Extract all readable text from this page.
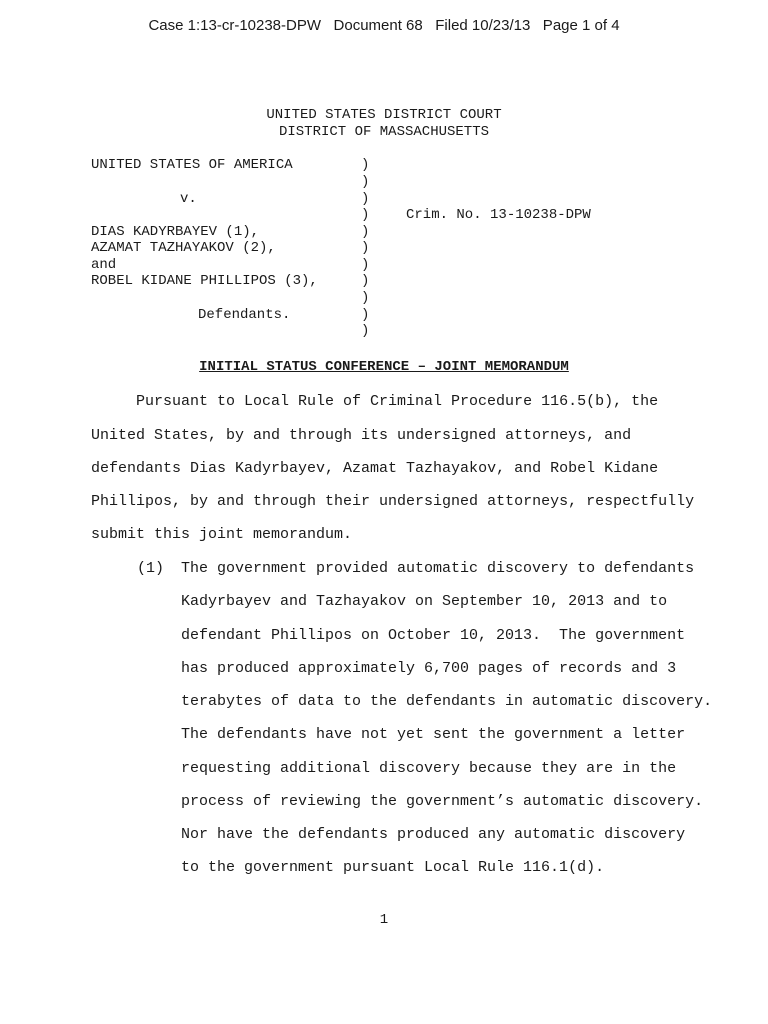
Case 1:13-cr-10238-DPW   Document 68   Filed 10/23/13   Page 1 of 4
UNITED STATES DISTRICT COURT
DISTRICT OF MASSACHUSETTS
UNITED STATES OF AMERICA
v.
DIAS KADYRBAYEV (1),
AZAMAT TAZHAYAKOV (2),
and
ROBEL KIDANE PHILLIPOS (3),
Defendants.
)
)
)
)
)
)
)
)
)
)
)
Crim. No. 13-10238-DPW
INITIAL STATUS CONFERENCE – JOINT MEMORANDUM
Pursuant to Local Rule of Criminal Procedure 116.5(b), the
United States, by and through its undersigned attorneys, and
defendants Dias Kadyrbayev, Azamat Tazhayakov, and Robel Kidane
Phillipos, by and through their undersigned attorneys, respectfully
submit this joint memorandum.
(1) The government provided automatic discovery to defendants
Kadyrbayev and Tazhayakov on September 10, 2013 and to
defendant Phillipos on October 10, 2013.  The government
has produced approximately 6,700 pages of records and 3
terabytes of data to the defendants in automatic discovery.
The defendants have not yet sent the government a letter
requesting additional discovery because they are in the
process of reviewing the government’s automatic discovery.
Nor have the defendants produced any automatic discovery
to the government pursuant Local Rule 116.1(d).
1
